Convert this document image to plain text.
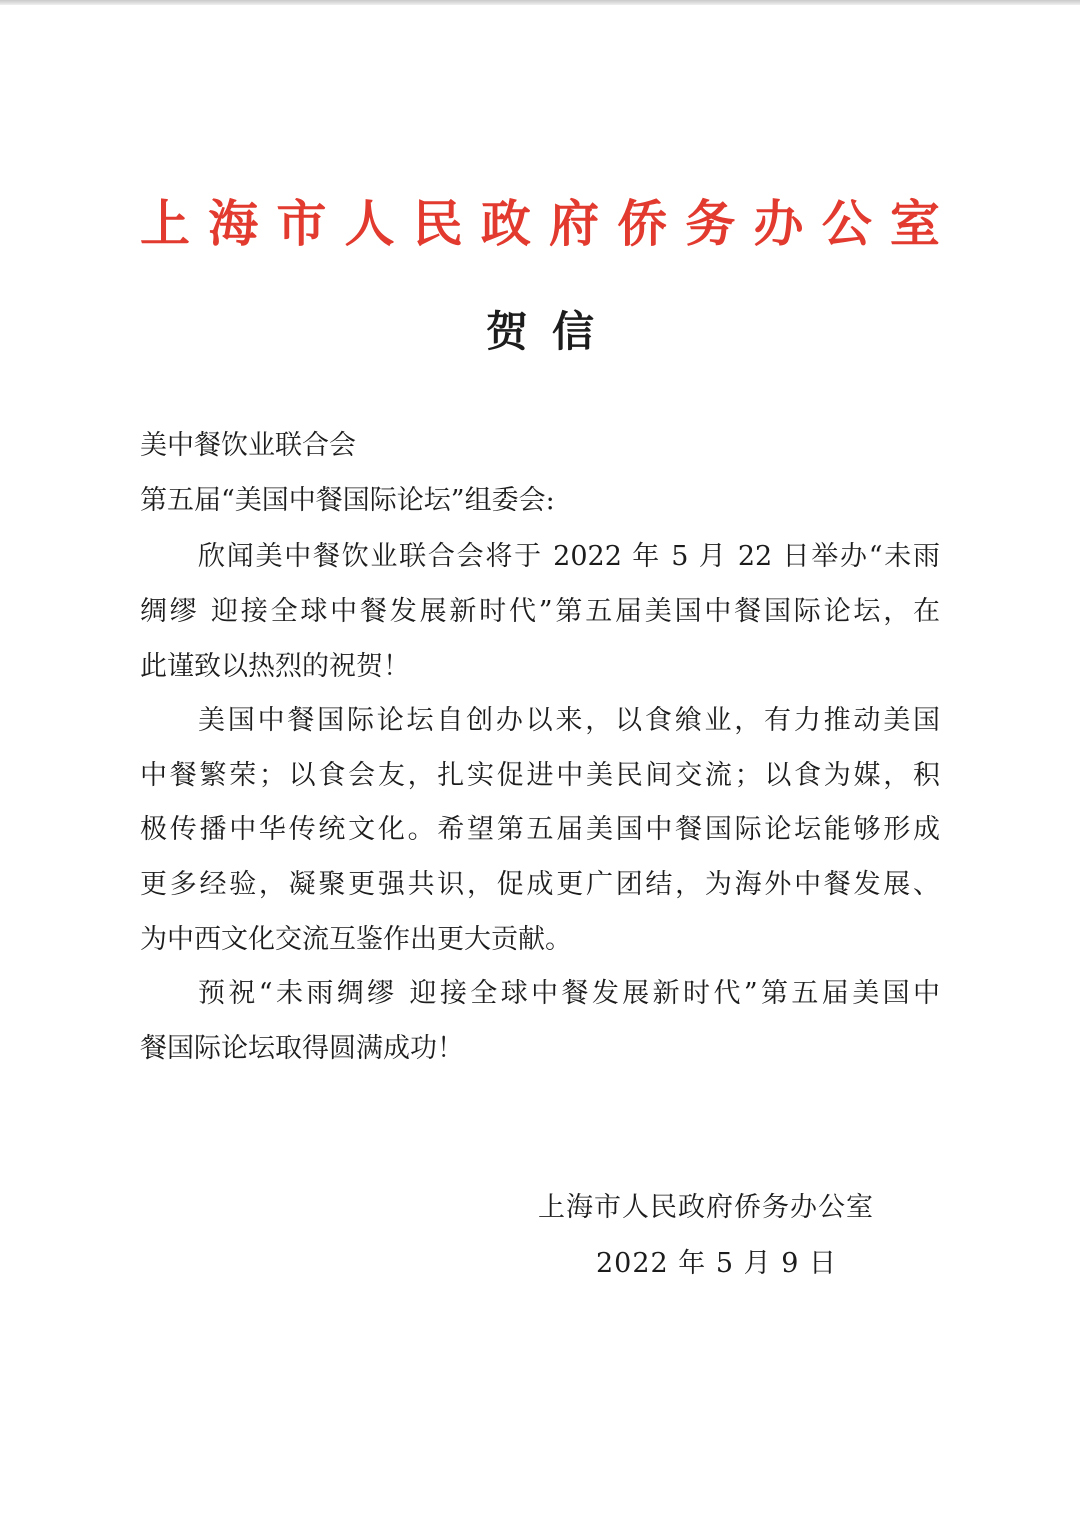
上 海 市 人 民 政 府 侨 务 办 公 室
贺信
美中餐饮业联合会
第五届“美国中餐国际论坛”组委会:
欣闻美中餐饮业联合会将于 2022 年 5 月 22 日举办“未雨
绸缪 迎接全球中餐发展新时代”第五届美国中餐国际论坛，在
此谨致以热烈的祝贺！
美国中餐国际论坛自创办以来，以食飨业，有力推动美国
中餐繁荣；以食会友，扎实促进中美民间交流；以食为媒，积
极传播中华传统文化。希望第五届美国中餐国际论坛能够形成
更多经验，凝聚更强共识，促成更广团结，为海外中餐发展、
为中西文化交流互鉴作出更大贡献。
预祝“未雨绸缪 迎接全球中餐发展新时代”第五届美国中
餐国际论坛取得圆满成功！
上海市人民政府侨务办公室
2022 年 5 月 9 日
